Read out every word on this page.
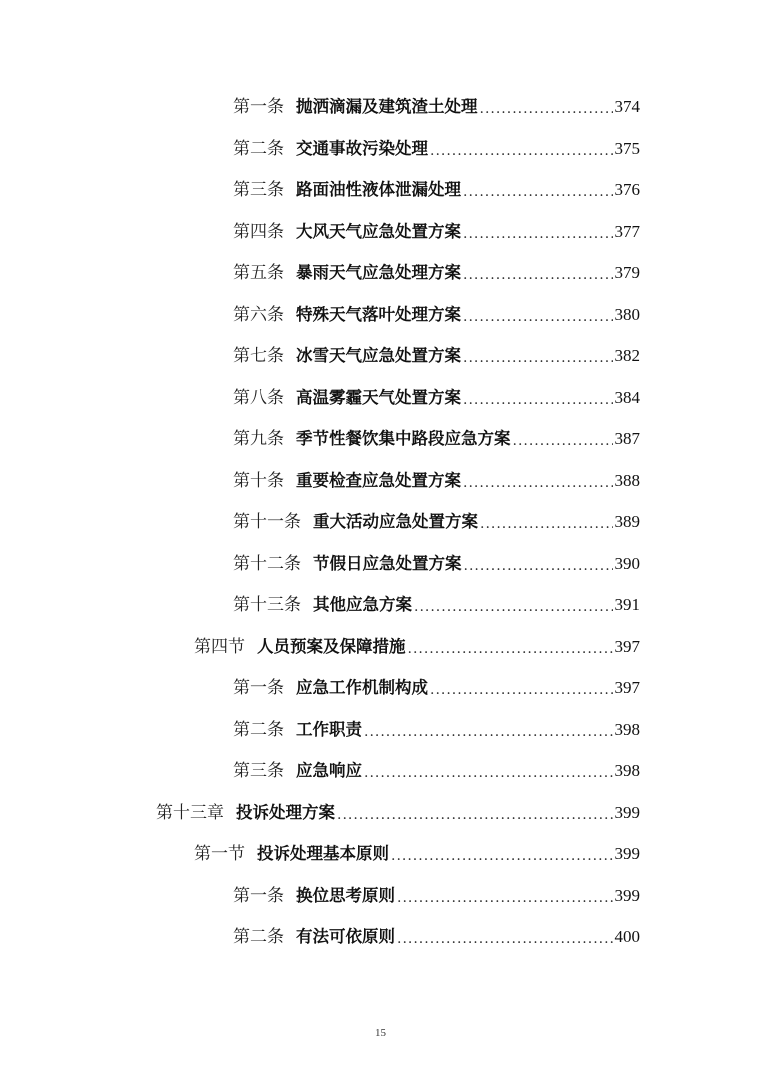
第一条 抛洒滴漏及建筑渣土处理 .....	374
第二条 交通事故污染处理 .....	375
第三条 路面油性液体泄漏处理 .....	376
第四条 大风天气应急处置方案 .....	377
第五条 暴雨天气应急处理方案 .....	379
第六条 特殊天气落叶处理方案 .....	380
第七条 冰雪天气应急处置方案 .....	382
第八条 高温雾霾天气处置方案 .....	384
第九条 季节性餐饮集中路段应急方案 .....	387
第十条 重要检查应急处置方案 .....	388
第十一条 重大活动应急处置方案 .....	389
第十二条 节假日应急处置方案 .....	390
第十三条 其他应急方案 .....	391
第四节 人员预案及保障措施 .....	397
第一条 应急工作机制构成 .....	397
第二条 工作职责 .....	398
第三条 应急响应 .....	398
第十三章 投诉处理方案 .....	399
第一节 投诉处理基本原则 .....	399
第一条 换位思考原则 .....	399
第二条 有法可依原则 .....	400
15
